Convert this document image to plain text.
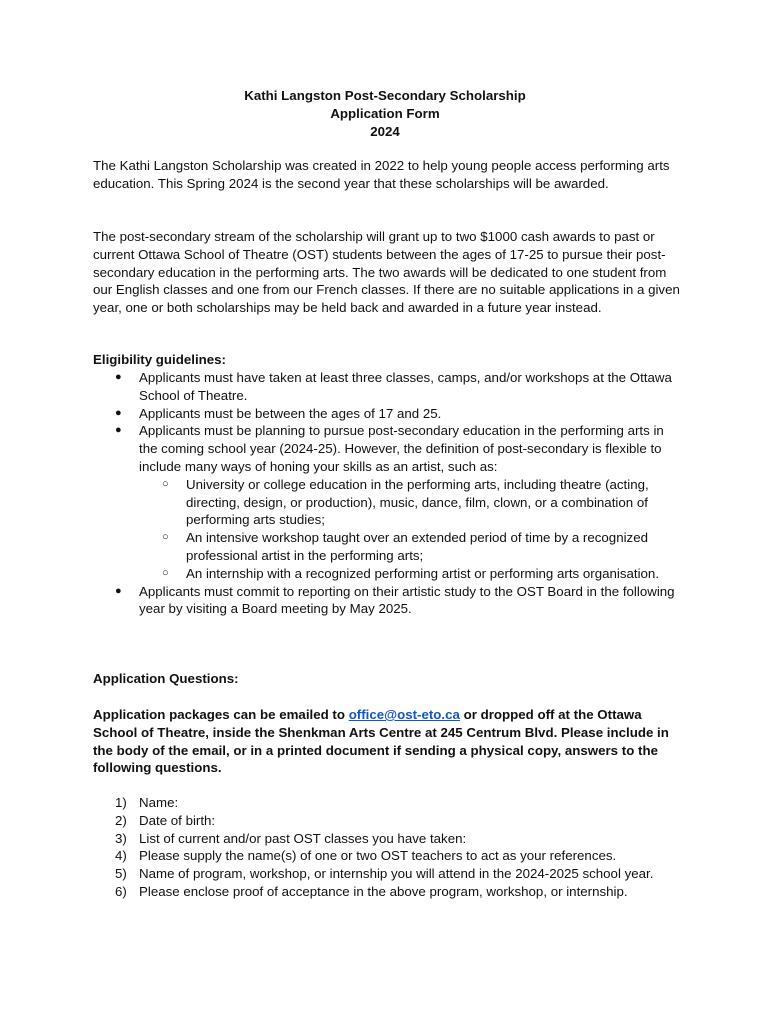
Kathi Langston Post-Secondary Scholarship
Application Form
2024

The Kathi Langston Scholarship was created in 2022 to help young people access performing arts education. This Spring 2024 is the second year that these scholarships will be awarded.

The post-secondary stream of the scholarship will grant up to two $1000 cash awards to past or current Ottawa School of Theatre (OST) students between the ages of 17-25 to pursue their post-secondary education in the performing arts. The two awards will be dedicated to one student from our English classes and one from our French classes. If there are no suitable applications in a given year, one or both scholarships may be held back and awarded in a future year instead.

Eligibility guidelines:

● Applicants must have taken at least three classes, camps, and/or workshops at the Ottawa School of Theatre.
● Applicants must be between the ages of 17 and 25.
● Applicants must be planning to pursue post-secondary education in the performing arts in the coming school year (2024-25). However, the definition of post-secondary is flexible to include many ways of honing your skills as an artist, such as:
○ University or college education in the performing arts, including theatre (acting, directing, design, or production), music, dance, film, clown, or a combination of performing arts studies;
○ An intensive workshop taught over an extended period of time by a recognized professional artist in the performing arts;
○ An internship with a recognized performing artist or performing arts organisation.
● Applicants must commit to reporting on their artistic study to the OST Board in the following year by visiting a Board meeting by May 2025.

Application Questions:

Application packages can be emailed to office@ost-eto.ca or dropped off at the Ottawa School of Theatre, inside the Shenkman Arts Centre at 245 Centrum Blvd. Please include in the body of the email, or in a printed document if sending a physical copy, answers to the following questions.

1) Name:
2) Date of birth:
3) List of current and/or past OST classes you have taken:
4) Please supply the name(s) of one or two OST teachers to act as your references.
5) Name of program, workshop, or internship you will attend in the 2024-2025 school year.
6) Please enclose proof of acceptance in the above program, workshop, or internship.
